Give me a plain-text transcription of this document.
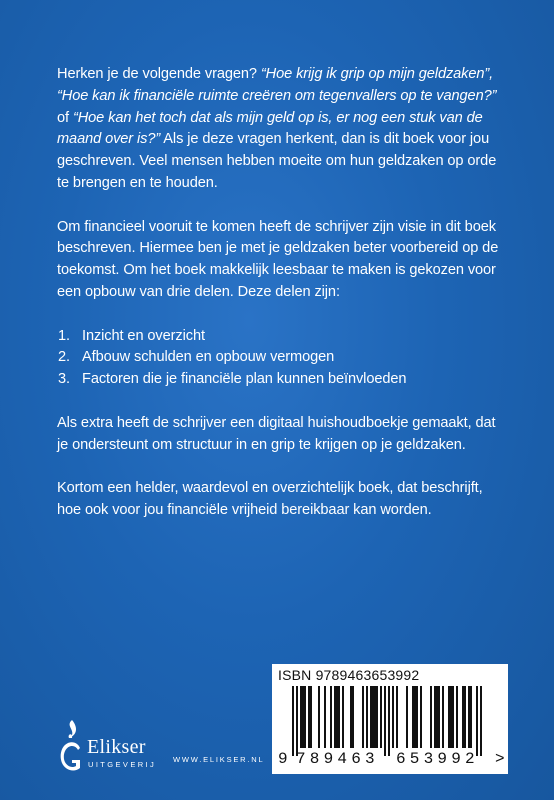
Herken je de volgende vragen? “Hoe krijg ik grip op mijn geldzaken”,
“Hoe kan ik financiële ruimte creëren om tegenvallers op te vangen?” of “Hoe kan het toch dat als mijn geld op is, er nog een stuk van de maand over is?” Als je deze vragen herkent, dan is dit boek voor jou geschreven. Veel mensen hebben moeite om hun geldzaken op orde te brengen en te houden.

Om financieel vooruit te komen heeft de schrijver zijn visie in dit boek beschreven. Hiermee ben je met je geldzaken beter voorbereid op de toekomst. Om het boek makkelijk leesbaar te maken is gekozen voor een opbouw van drie delen. Deze delen zijn:

1. Inzicht en overzicht
2. Afbouw schulden en opbouw vermogen
3. Factoren die je financiële plan kunnen beïnvloeden

Als extra heeft de schrijver een digitaal huishoudboekje gemaakt, dat je ondersteunt om structuur in en grip te krijgen op je geldzaken.

Kortom een helder, waardevol en overzichtelijk boek, dat beschrijft, hoe ook voor jou financiële vrijheid bereikbaar kan worden.

Elikser
UITGEVERIJ
WWW.ELIKSER.NL
ISBN 9789463653992
9 789463 653992 >
